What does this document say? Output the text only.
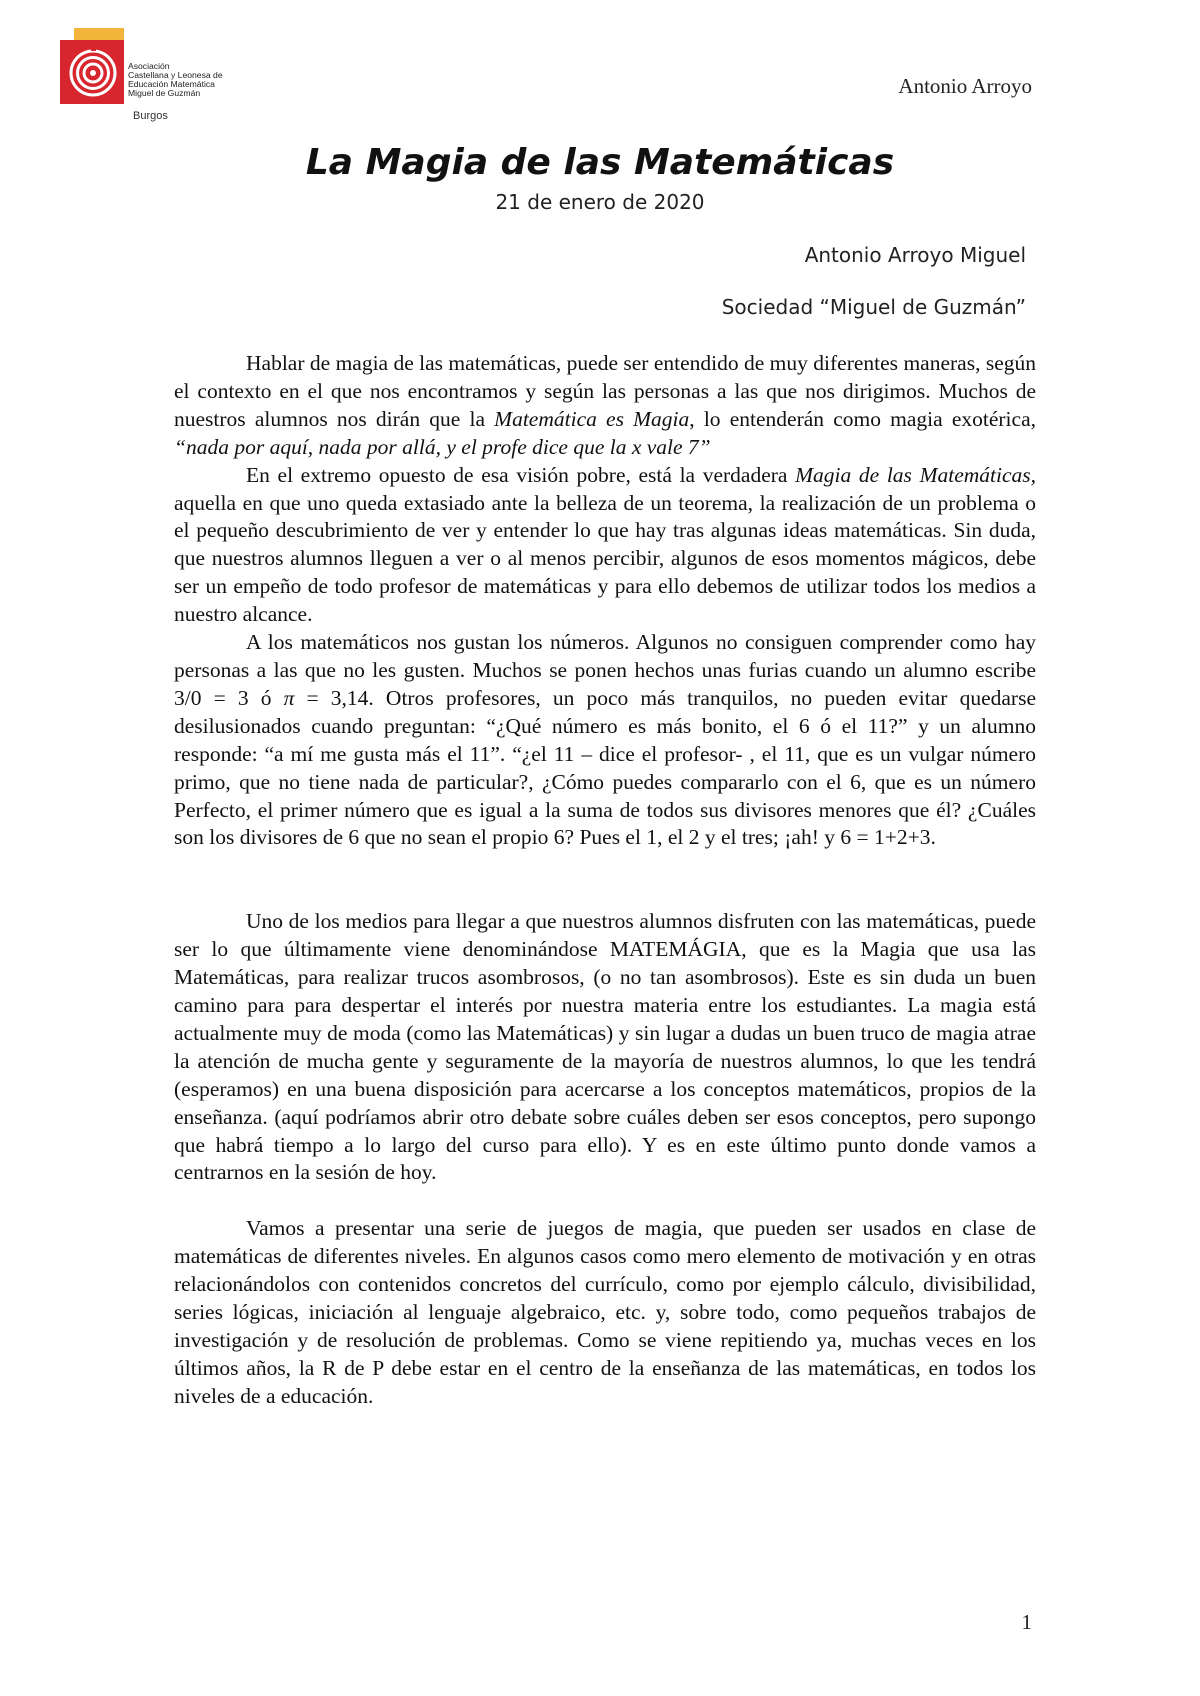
Asociación
Castellana y Leonesa de
Educación Matemática
Miguel de Guzmán
Burgos
Antonio Arroyo
La Magia de las Matemáticas
21 de enero de 2020
Antonio Arroyo Miguel
Sociedad “Miguel de Guzmán”

Hablar de magia de las matemáticas, puede ser entendido de muy diferentes maneras, según el contexto en el que nos encontramos y según las personas a las que nos dirigimos. Muchos de nuestros alumnos nos dirán que la Matemática es Magia, lo entenderán como magia exotérica, “nada por aquí, nada por allá, y el profe dice que la x vale 7”

En el extremo opuesto de esa visión pobre, está la verdadera Magia de las Matemáticas, aquella en que uno queda extasiado ante la belleza de un teorema, la realización de un problema o el pequeño descubrimiento de ver y entender lo que hay tras algunas ideas matemáticas. Sin duda, que nuestros alumnos lleguen a ver o al menos percibir, algunos de esos momentos mágicos, debe ser un empeño de todo profesor de matemáticas y para ello debemos de utilizar todos los medios a nuestro alcance.

A los matemáticos nos gustan los números. Algunos no consiguen comprender como hay personas a las que no les gusten. Muchos se ponen hechos unas furias cuando un alumno escribe 3/0 = 3 ó π = 3,14. Otros profesores, un poco más tranquilos, no pueden evitar quedarse desilusionados cuando preguntan: “¿Qué número es más bonito, el 6 ó el 11?” y un alumno responde: “a mí me gusta más el 11”. “¿el 11 – dice el profesor- , el 11, que es un vulgar número primo, que no tiene nada de particular?, ¿Cómo puedes compararlo con el 6, que es un número Perfecto, el primer número que es igual a la suma de todos sus divisores menores que él? ¿Cuáles son los divisores de 6 que no sean el propio 6? Pues el 1, el 2 y el tres; ¡ah! y 6 = 1+2+3.

Uno de los medios para llegar a que nuestros alumnos disfruten con las matemáticas, puede ser lo que últimamente viene denominándose MATEMÁGIA, que es la Magia que usa las Matemáticas, para realizar trucos asombrosos, (o no tan asombrosos). Este es sin duda un buen camino para para despertar el interés por nuestra materia entre los estudiantes. La magia está actualmente muy de moda (como las Matemáticas) y sin lugar a dudas un buen truco de magia atrae la atención de mucha gente y seguramente de la mayoría de nuestros alumnos, lo que les tendrá (esperamos) en una buena disposición para acercarse a los conceptos matemáticos, propios de la enseñanza. (aquí podríamos abrir otro debate sobre cuáles deben ser esos conceptos, pero supongo que habrá tiempo a lo largo del curso para ello). Y es en este último punto donde vamos a centrarnos en la sesión de hoy.

Vamos a presentar una serie de juegos de magia, que pueden ser usados en clase de matemáticas de diferentes niveles. En algunos casos como mero elemento de motivación y en otras relacionándolos con contenidos concretos del currículo, como por ejemplo cálculo, divisibilidad, series lógicas, iniciación al lenguaje algebraico, etc. y, sobre todo, como pequeños trabajos de investigación y de resolución de problemas. Como se viene repitiendo ya, muchas veces en los últimos años, la R de P debe estar en el centro de la enseñanza de las matemáticas, en todos los niveles de a educación.

1
